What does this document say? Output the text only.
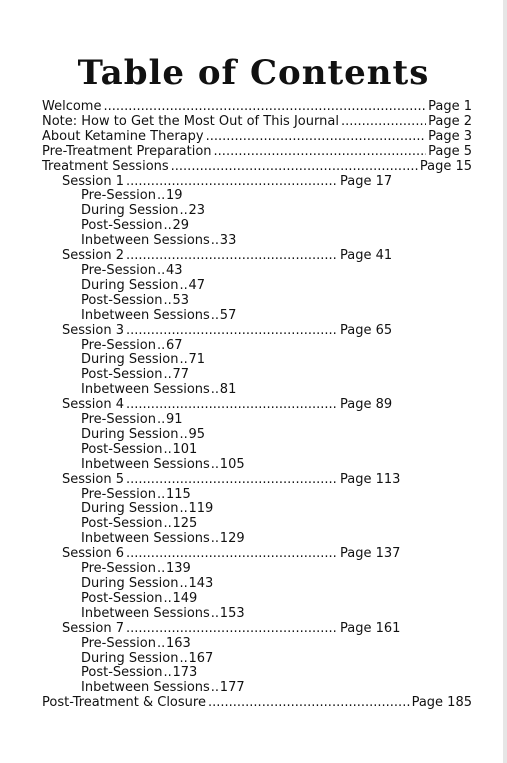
Table of Contents
Welcome .....	Page 1
Note: How to Get the Most Out of This Journal .....	Page 2
About Ketamine Therapy .....	Page 3
Pre-Treatment Preparation .....	Page 5
Treatment Sessions .....	Page 15
Session 1 .....	Page 17
Pre-Session ..... 19
During Session ..... 23
Post-Session ..... 29
Inbetween Sessions ..... 33
Session 2 .....	Page 41
Pre-Session ..... 43
During Session ..... 47
Post-Session ..... 53
Inbetween Sessions ..... 57
Session 3 .....	Page 65
Pre-Session ..... 67
During Session ..... 71
Post-Session ..... 77
Inbetween Sessions ..... 81
Session 4 .....	Page 89
Pre-Session ..... 91
During Session ..... 95
Post-Session ..... 101
Inbetween Sessions ..... 105
Session 5 .....	Page 113
Pre-Session ..... 115
During Session ..... 119
Post-Session ..... 125
Inbetween Sessions ..... 129
Session 6 .....	Page 137
Pre-Session ..... 139
During Session ..... 143
Post-Session ..... 149
Inbetween Sessions ..... 153
Session 7 .....	Page 161
Pre-Session ..... 163
During Session ..... 167
Post-Session ..... 173
Inbetween Sessions ..... 177
Post-Treatment & Closure .....	Page 185
